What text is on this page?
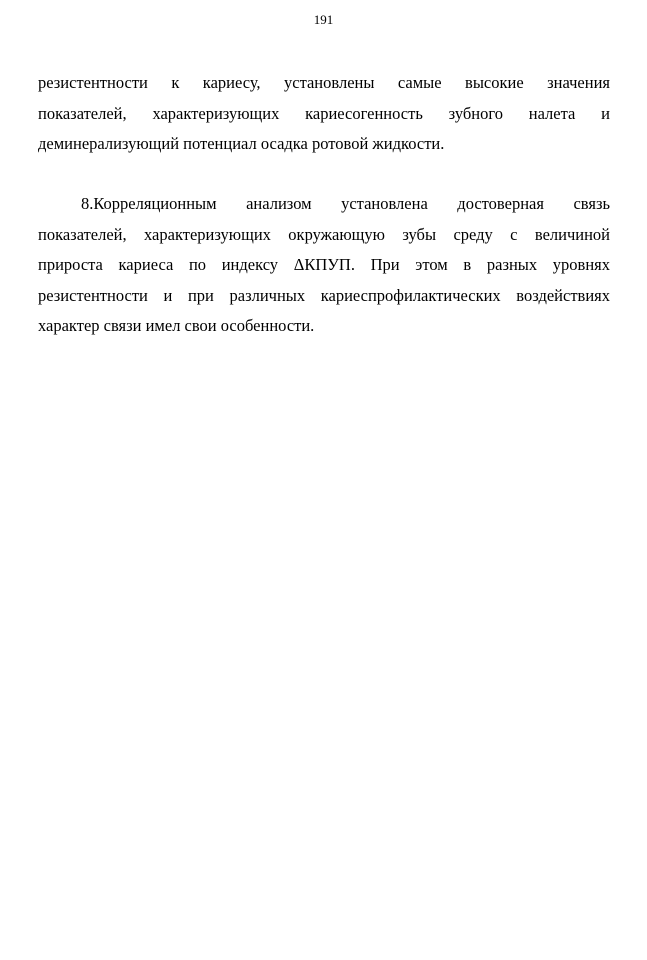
191
резистентности к кариесу, установлены самые высокие значения
показателей, характеризующих кариесогенность зубного налета и
деминерализующий потенциал осадка ротовой жидкости.
8.Корреляционным анализом установлена достоверная связь
показателей, характеризующих окружающую зубы среду с величиной
прироста кариеса по индексу ΔКПУП. При этом в разных уровнях
резистентности и при различных кариеспрофилактических воздействиях
характер связи имел свои особенности.
